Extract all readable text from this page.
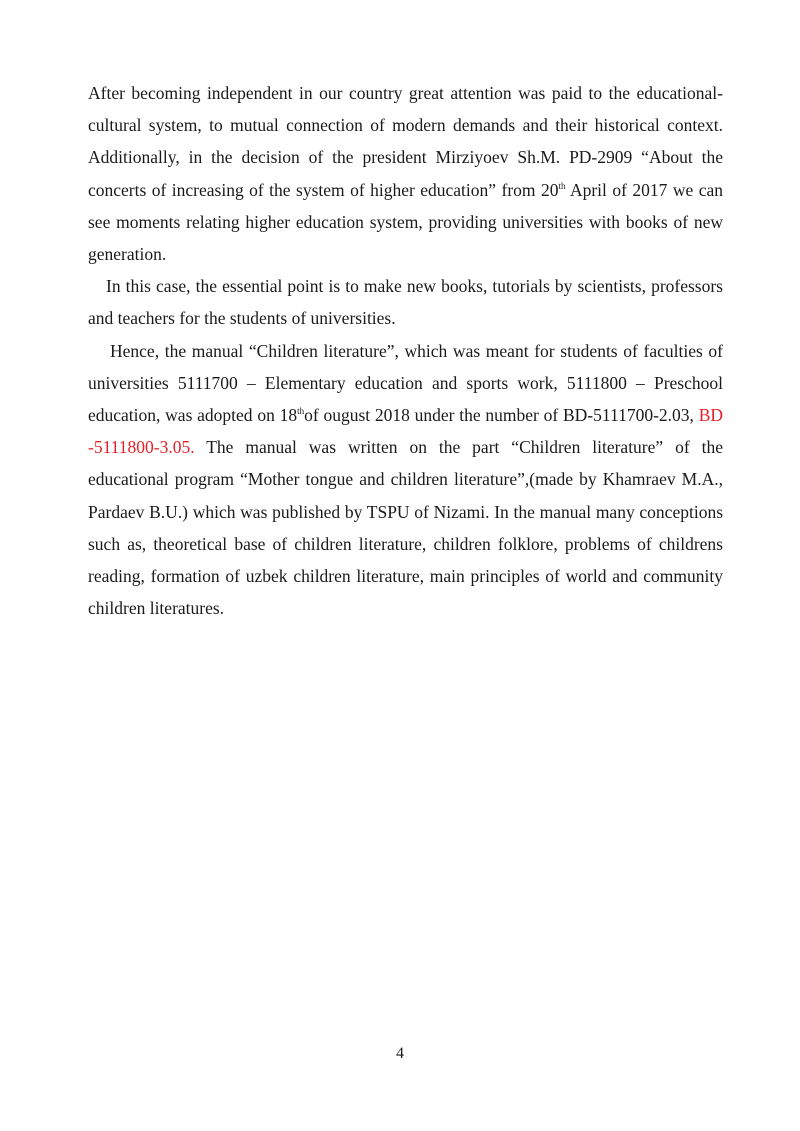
After becoming independent in our country great attention was paid to the educational-cultural system, to mutual connection of modern demands and their historical context. Additionally, in the decision of the president Mirziyoev Sh.M. PD-2909 “About the concerts of increasing of the system of higher education” from 20th April of 2017 we can see moments relating higher education system, providing universities with books of new generation.

In this case, the essential point is to make new books, tutorials by scientists, professors and teachers for the students of universities.

Hence, the manual “Children literature”, which was meant for students of faculties of universities 5111700 – Elementary education and sports work, 5111800 – Preschool education, was adopted on 18thof ougust 2018 under the number of BD-5111700-2.03, BD -5111800-3.05. The manual was written on the part “Children literature” of the educational program “Mother tongue and children literature”,(made by Khamraev M.A., Pardaev B.U.) which was published by TSPU of Nizami. In the manual many conceptions such as, theoretical base of children literature, children folklore, problems of childrens reading, formation of uzbek children literature, main principles of world and community children literatures.

4
